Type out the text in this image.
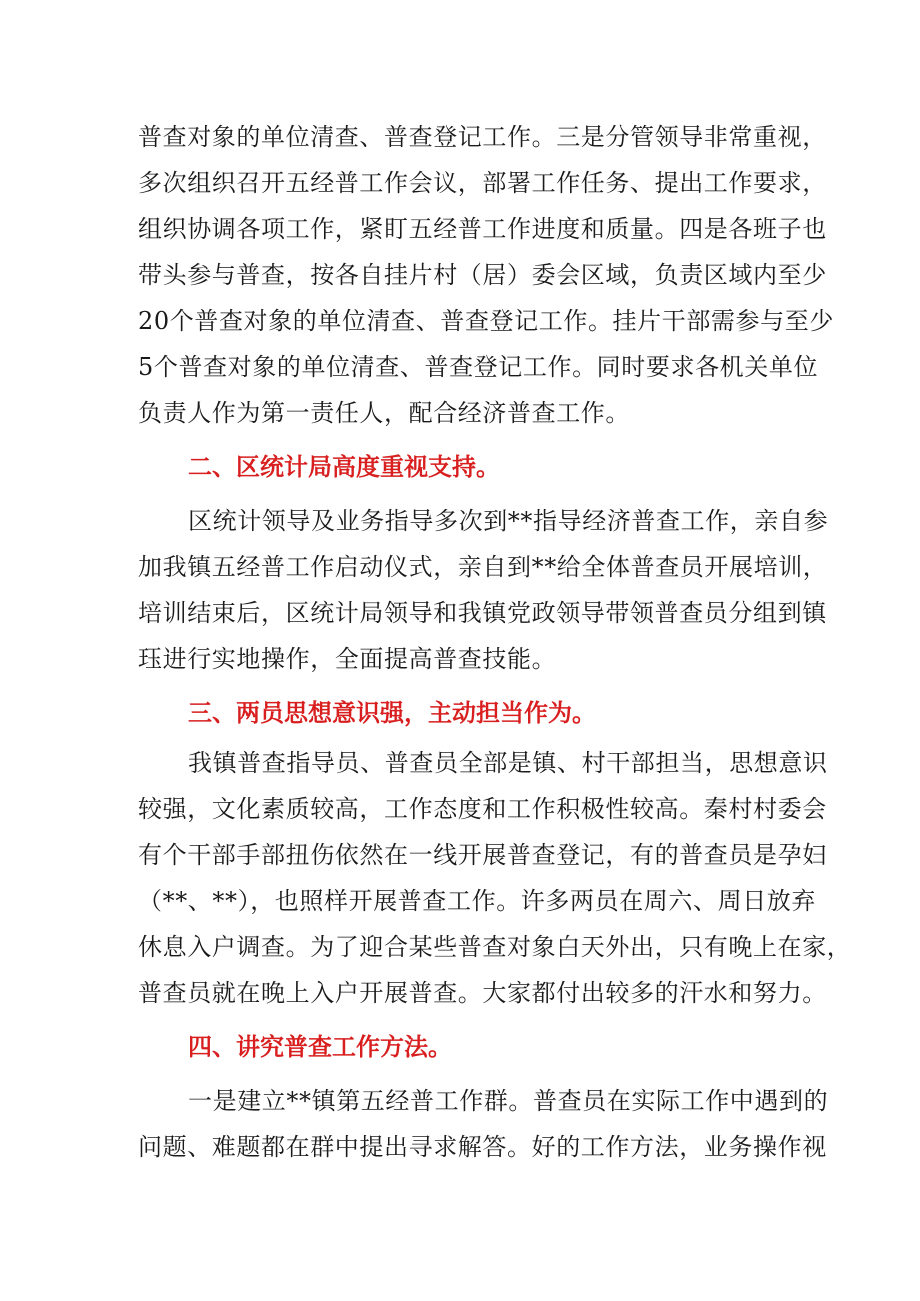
普查对象的单位清查、普查登记工作。三是分管领导非常重视，
多次组织召开五经普工作会议，部署工作任务、提出工作要求，
组织协调各项工作，紧盯五经普工作进度和质量。四是各班子也
带头参与普查，按各自挂片村（居）委会区域，负责区域内至少
20个普查对象的单位清查、普查登记工作。挂片干部需参与至少
5个普查对象的单位清查、普查登记工作。同时要求各机关单位
负责人作为第一责任人，配合经济普查工作。
二、区统计局高度重视支持。
区统计领导及业务指导多次到**指导经济普查工作，亲自参
加我镇五经普工作启动仪式，亲自到**给全体普查员开展培训，
培训结束后，区统计局领导和我镇党政领导带领普查员分组到镇
珏进行实地操作，全面提高普查技能。
三、两员思想意识强，主动担当作为。
我镇普查指导员、普查员全部是镇、村干部担当，思想意识
较强，文化素质较高，工作态度和工作积极性较高。秦村村委会
有个干部手部扭伤依然在一线开展普查登记，有的普查员是孕妇
（**、**），也照样开展普查工作。许多两员在周六、周日放弃
休息入户调查。为了迎合某些普查对象白天外出，只有晚上在家，
普查员就在晚上入户开展普查。大家都付出较多的汗水和努力。
四、讲究普查工作方法。
一是建立**镇第五经普工作群。普查员在实际工作中遇到的
问题、难题都在群中提出寻求解答。好的工作方法，业务操作视
